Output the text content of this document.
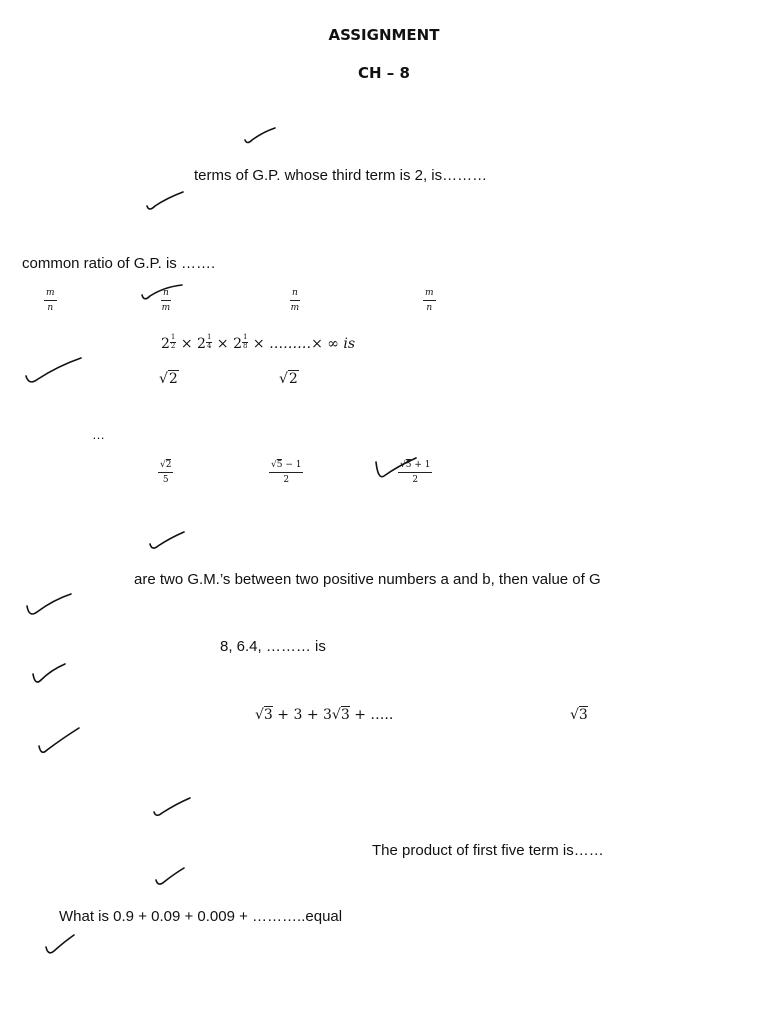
ASSIGNMENT
CH – 8
terms of G.P. whose third term is 2, is………
common ratio of G.P. is …….
$\frac{m}{n}$	$\frac{n}{m}$	$\frac{n}{m}$	$\frac{m}{n}$
$2 \frac{1}{2} \times 2 \frac{1}{4} \times 2 \frac{1}{8}$ × ………× ∞ is
√2	√2
…
$\frac{√2}{5}$	$\frac{√5 - 1}{2}$	$\frac{√5 + 1}{2}$
are two G.M.’s between two positive numbers a and b, then value of G
8, 6.4, ……… is
√3 + 3 + 3√3 + …..	√3
The product of first five term is……
What is 0.9 + 0.09 + 0.009 + ………..equal
